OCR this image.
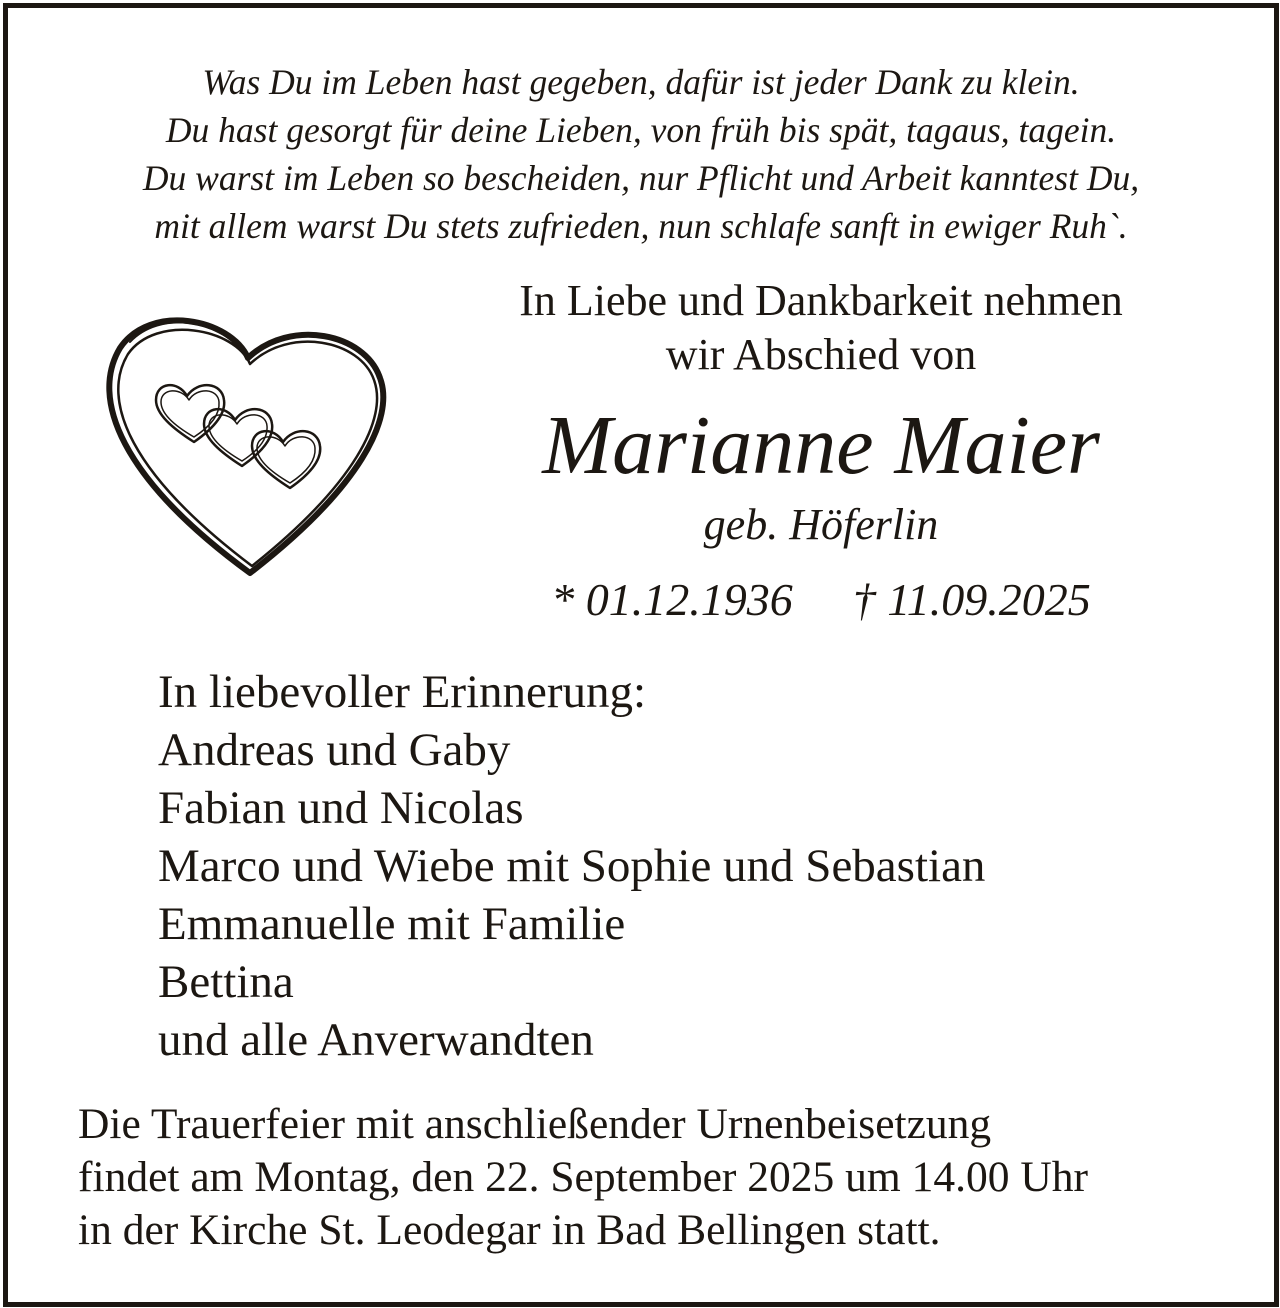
Was Du im Leben hast gegeben, dafür ist jeder Dank zu klein.
Du hast gesorgt für deine Lieben, von früh bis spät, tagaus, tagein.
Du warst im Leben so bescheiden, nur Pflicht und Arbeit kanntest Du,
mit allem warst Du stets zufrieden, nun schlafe sanft in ewiger Ruh`.
In Liebe und Dankbarkeit nehmen
wir Abschied von
Marianne Maier
geb. Höferlin
* 01.12.1936 † 11.09.2025
In liebevoller Erinnerung:
Andreas und Gaby
Fabian und Nicolas
Marco und Wiebe mit Sophie und Sebastian
Emmanuelle mit Familie
Bettina
und alle Anverwandten
Die Trauerfeier mit anschließender Urnenbeisetzung
findet am Montag, den 22. September 2025 um 14.00 Uhr
in der Kirche St. Leodegar in Bad Bellingen statt.
